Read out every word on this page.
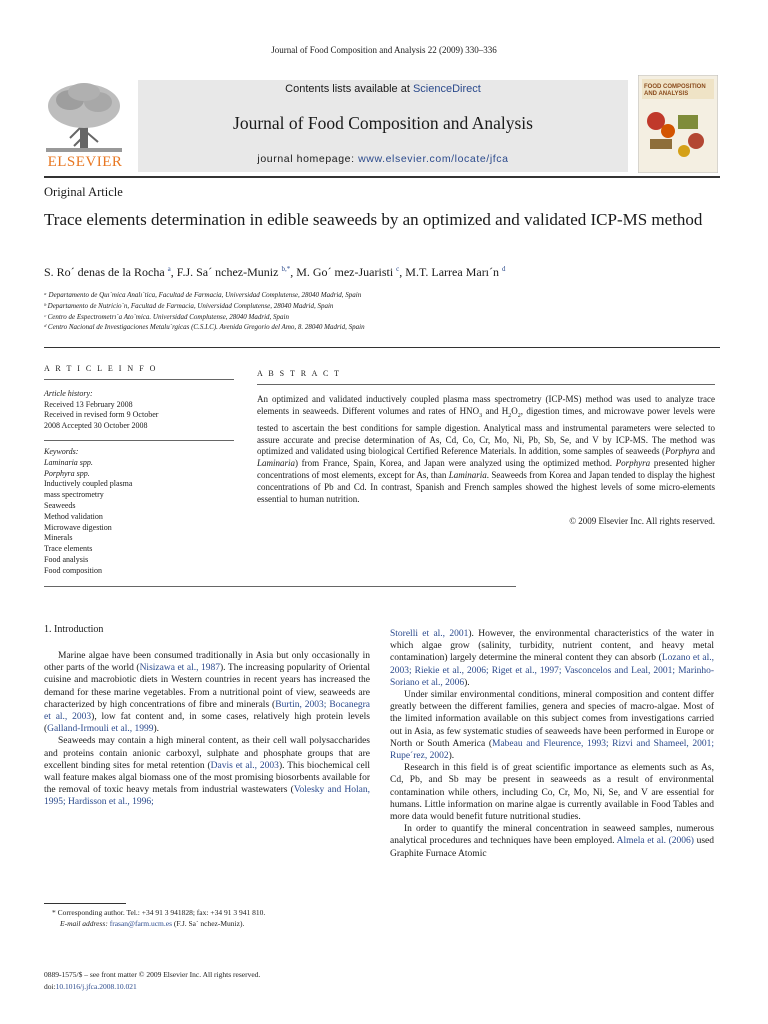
Journal of Food Composition and Analysis 22 (2009) 330–336
ELSEVIER
Contents lists available at ScienceDirect
Journal of Food Composition and Analysis
journal homepage: www.elsevier.com/locate/jfca
FOOD COMPOSITION AND ANALYSIS
Original Article
Trace elements determination in edible seaweeds by an optimized and validated ICP-MS method
S. Ro´ denas de la Rocha $^a$, F.J. Sa´ nchez-Muniz $^{b,*}$, M. Go´ mez-Juaristi $^c$, M.T. Larrea Marı´n $^d$
ᵃ Departamento de Quı´mica Analı´tica, Facultad de Farmacia, Universidad Complutense, 28040 Madrid, Spain
ᵇ Departamento de Nutricio´n, Facultad de Farmacia, Universidad Complutense, 28040 Madrid, Spain
ᶜ Centro de Espectrometrı´a Ato´mica. Universidad Complutense, 28040 Madrid, Spain
ᵈ Centro Nacional de Investigaciones Metalu´rgicas (C.S.I.C). Avenida Gregorio del Amo, 8. 28040 Madrid, Spain
A R T I C L E I N F O
Article history:
Received 13 February 2008
Received in revised form 9 October
2008 Accepted 30 October 2008
Keywords:
Laminaria spp.
Porphyra spp.
Inductively coupled plasma
mass spectrometry
Seaweeds
Method validation
Microwave digestion
Minerals
Trace elements
Food analysis
Food composition
A B S T R A C T
An optimized and validated inductively coupled plasma mass spectrometry (ICP-MS) method was used to analyze trace elements in seaweeds. Different volumes and rates of $HNO_3$ and $H_2O_2$, digestion times, and microwave power levels were tested to ascertain the best conditions for sample digestion. Analytical mass and instrumental parameters were selected to assure accurate and precise determination of As, Cd, Co, Cr, Mo, Ni, Pb, Sb, Se, and V by ICP-MS. The method was optimized and validated using biological Certified Reference Materials. In addition, some samples of seaweeds (Porphyra and Laminaria) from France, Spain, Korea, and Japan were analyzed using the optimized method. Porphyra presented higher concentrations of most elements, except for As, than Laminaria. Seaweeds from Korea and Japan tended to display the highest concentrations of Pb and Cd. In contrast, Spanish and French samples showed the highest levels of some micro-elements essential to human nutrition.
© 2009 Elsevier Inc. All rights reserved.
1. Introduction

Marine algae have been consumed traditionally in Asia but only occasionally in other parts of the world (Nisizawa et al., 1987). The increasing popularity of Oriental cuisine and macrobiotic diets in Western countries in recent years has increased the demand for these marine vegetables. From a nutritional point of view, seaweeds are characterized by high concentrations of fibre and minerals (Burtin, 2003; Bocanegra et al., 2003), low fat content and, in some cases, relatively high protein levels (Galland-Irmouli et al., 1999).

Seaweeds may contain a high mineral content, as their cell wall polysaccharides and proteins contain anionic carboxyl, sulphate and phosphate groups that are excellent binding sites for metal retention (Davis et al., 2003). This biochemical cell wall feature makes algal biomass one of the most promising biosorbents available for the removal of toxic heavy metals from industrial wastewaters (Volesky and Holan, 1995; Hardisson et al., 1996;

Storelli et al., 2001). However, the environmental characteristics of the water in which algae grow (salinity, turbidity, nutrient content, and heavy metal contamination) largely determine the mineral content they can absorb (Lozano et al., 2003; Riekie et al., 2006; Riget et al., 1997; Vasconcelos and Leal, 2001; Marinho-Soriano et al., 2006).

Under similar environmental conditions, mineral composition and content differ greatly between the different families, genera and species of macro-algae. Most of the limited information available on this subject comes from investigations carried out in Asia, as few systematic studies of seaweeds have been performed in Europe or North or South America (Mabeau and Fleurence, 1993; Rizvi and Shameel, 2001; Rupe´rez, 2002).

Research in this field is of great scientific importance as elements such as As, Cd, Pb, and Sb may be present in seaweeds as a result of environmental contamination while others, including Co, Cr, Mo, Ni, Se, and V are essential for humans. Little information on marine algae is currently available in Food Tables and more data would benefit future nutritional studies.

In order to quantify the mineral concentration in seaweed samples, numerous analytical procedures and techniques have been employed. Almela et al. (2006) used Graphite Furnace Atomic

* Corresponding author. Tel.: +34 91 3 941828; fax: +34 91 3 941 810.
E-mail address: frasan@farm.ucm.es (F.J. Sa´ nchez-Muniz).
0889-1575/$ – see front matter © 2009 Elsevier Inc. All rights reserved.
doi:10.1016/j.jfca.2008.10.021
